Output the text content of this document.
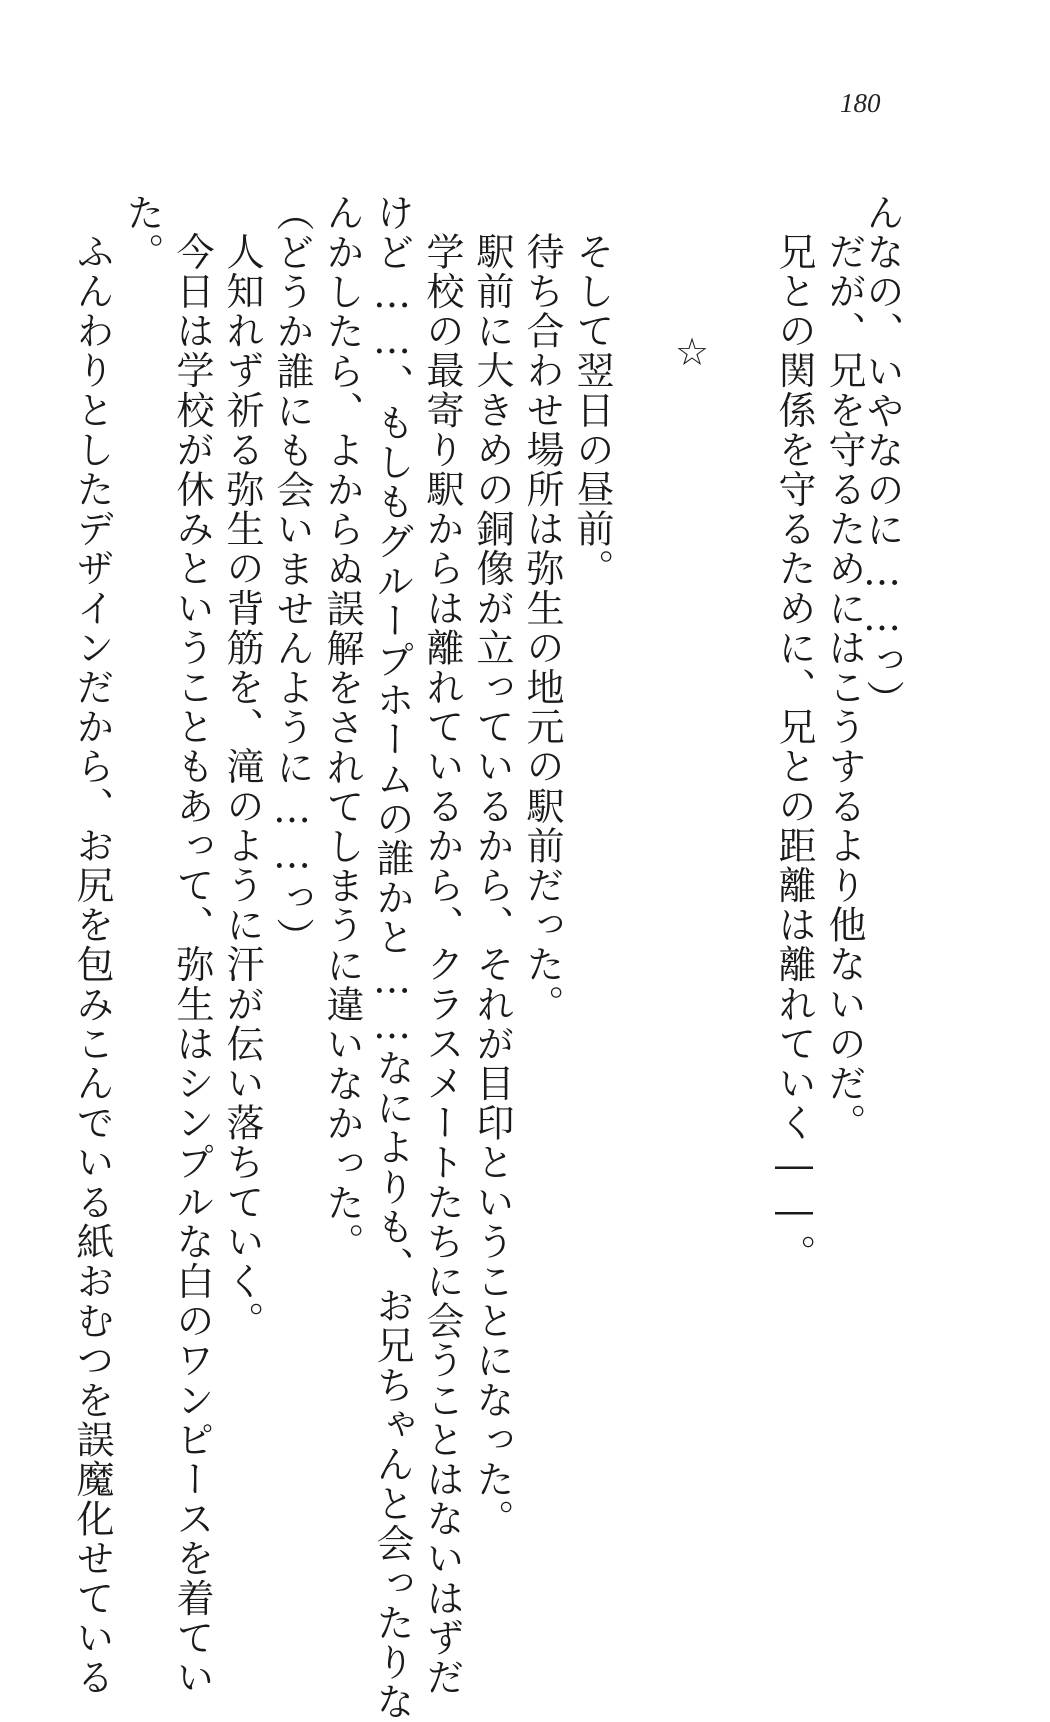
180
んなの、いやなのに……っ）
だが、兄を守るためにはこうするより他ないのだ。
兄との関係を守るために、兄との距離は離れていく――。
☆
そして翌日の昼前。
待ち合わせ場所は弥生の地元の駅前だった。
駅前に大きめの銅像が立っているから、それが目印ということになった。
学校の最寄り駅からは離れているから、クラスメートたちに会うことはないはずだ
けど……、もしもグループホームの誰かと……なによりも、お兄ちゃんと会ったりな
んかしたら、よからぬ誤解をされてしまうに違いなかった。
（どうか誰にも会いませんように……っ）
人知れず祈る弥生の背筋を、滝のように汗が伝い落ちていく。
今日は学校が休みということもあって、弥生はシンプルな白のワンピースを着てい
た。
ふんわりとしたデザインだから、お尻を包みこんでいる紙おむつを誤魔化せている
